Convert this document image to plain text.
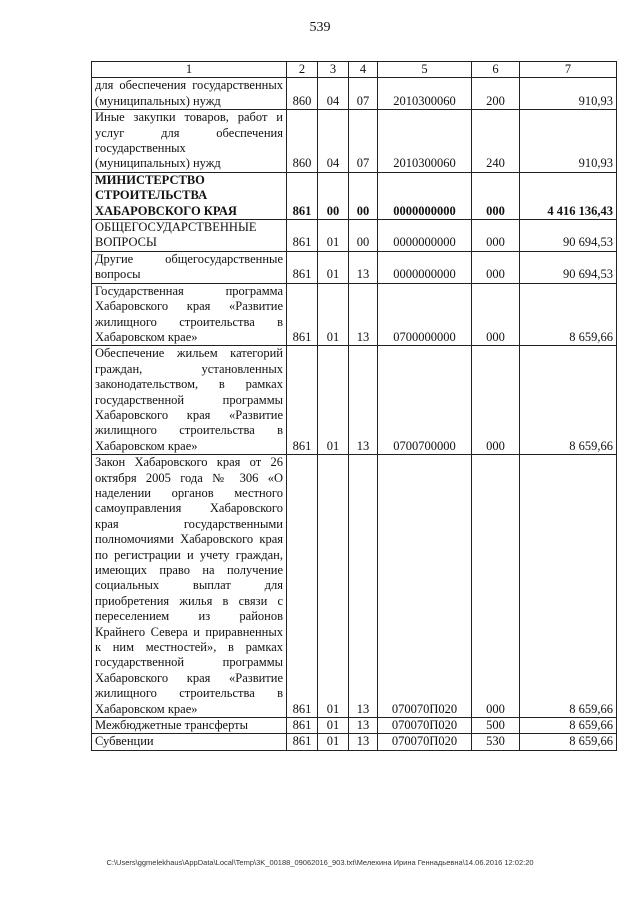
539
1	2	3	4	5	6	7
для обеспечения государственных (муниципальных) нужд	860	04	07	2010300060	200	910,93
Иные закупки товаров, работ и услуг для обеспечения государственных (муниципальных) нужд	860	04	07	2010300060	240	910,93
МИНИСТЕРСТВО СТРОИТЕЛЬСТВА ХАБАРОВСКОГО КРАЯ	861	00	00	0000000000	000	4 416 136,43
ОБЩЕГОСУДАРСТВЕННЫЕ ВОПРОСЫ	861	01	00	0000000000	000	90 694,53
Другие общегосударственные вопросы	861	01	13	0000000000	000	90 694,53
Государственная программа Хабаровского края «Развитие жилищного строительства в Хабаровском крае»	861	01	13	0700000000	000	8 659,66
Обеспечение жильем категорий граждан, установленных законодательством, в рамках государственной программы Хабаровского края «Развитие жилищного строительства в Хабаровском крае»	861	01	13	0700700000	000	8 659,66
Закон Хабаровского края от 26 октября 2005 года № 306 «О наделении органов местного самоуправления Хабаровского края государственными полномочиями Хабаровского края по регистрации и учету граждан, имеющих право на получение социальных выплат для приобретения жилья в связи с переселением из районов Крайнего Севера и приравненных к ним местностей», в рамках государственной программы Хабаровского края «Развитие жилищного строительства в Хабаровском крае»	861	01	13	070070П020	000	8 659,66
Межбюджетные трансферты	861	01	13	070070П020	500	8 659,66
Субвенции	861	01	13	070070П020	530	8 659,66
C:\Users\ggmelekhaus\AppData\Local\Temp\3K_00188_09062016_903.txt\Мелехина Ирина Геннадьевна\14.06.2016 12:02:20
